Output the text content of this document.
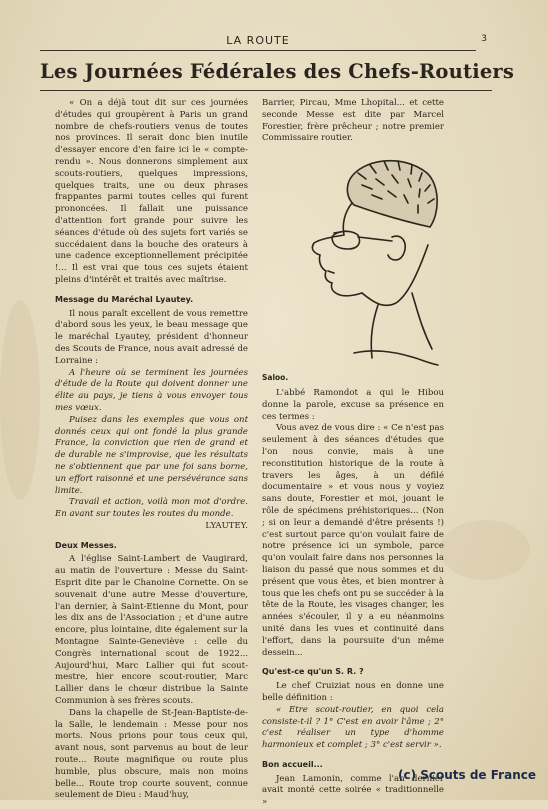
LA ROUTE	3
Les Journées Fédérales des Chefs-Routiers

« On a déjà tout dit sur ces journées d'études qui groupèrent à Paris un grand nombre de chefs-routiers venus de toutes nos provinces. Il serait donc bien inutile d'essayer encore d'en faire ici le « compte-rendu ». Nous donnerons simplement aux scouts-routiers, quelques impressions, quelques traits, une ou deux phrases frappantes parmi toutes celles qui furent prononcées. Il fallait une puissance d'attention fort grande pour suivre les séances d'étude où des sujets fort variés se succédaient dans la bouche des orateurs à une cadence exceptionnellement précipitée !... Il est vrai que tous ces sujets étaient pleins d'intérêt et traités avec maîtrise.

Message du Maréchal Lyautey.

Il nous paraît excellent de vous remettre d'abord sous les yeux, le beau message que le maréchal Lyautey, président d'honneur des Scouts de France, nous avait adressé de Lorraine :

A l'heure où se terminent les journées d'étude de la Route qui doivent donner une élite au pays, je tiens à vous envoyer tous mes vœux.

Puisez dans les exemples que vous ont donnés ceux qui ont fondé la plus grande France, la conviction que rien de grand et de durable ne s'improvise, que les résultats ne s'obtiennent que par une foi sans borne, un effort raisonné et une persévérance sans limite.

Travail et action, voilà mon mot d'ordre. En avant sur toutes les routes du monde.

LYAUTEY.
Deux Messes.

A l'église Saint-Lambert de Vaugirard, au matin de l'ouverture : Messe du Saint-Esprit dite par le Chanoine Cornette. On se souvenait d'une autre Messe d'ouverture, l'an dernier, à Saint-Etienne du Mont, pour les dix ans de l'Association ; et d'une autre encore, plus lointaine, dite également sur la Montagne Sainte-Geneviève : celle du Congrès international scout de 1922... Aujourd'hui, Marc Lallier qui fut scout-mestre, hier encore scout-routier, Marc Lallier dans le chœur distribue la Sainte Communion à ses frères scouts.

Dans la chapelle de St-Jean-Baptiste-de-la Salle, le lendemain : Messe pour nos morts. Nous prions pour tous ceux qui, avant nous, sont parvenus au bout de leur route... Route magnifique ou route plus humble, plus obscure, mais non moins belle... Route trop courte souvent, connue seulement de Dieu : Maud'huy,

Barrier, Pircau, Mme Lhopital... et cette seconde Messe est dite par Marcel Forestier, frère prêcheur ; notre premier Commissaire routier.

Saloo.

L'abbé Ramondot a qui le Hibou donne la parole, excuse sa présence en ces termes :

Vous avez de vous dire : « Ce n'est pas seulement à des séances d'études que l'on nous convie, mais à une reconstitution historique de la route à travers les âges, à un défilé documentaire » et vous nous y voyiez sans doute, Forestier et moi, jouant le rôle de spécimens préhistoriques... (Non ; si on leur a demandé d'être présents !) c'est surtout parce qu'on voulait faire de notre présence ici un symbole, parce qu'on voulait faire dans nos personnes la liaison du passé que nous sommes et du présent que vous êtes, et bien montrer à tous que les chefs ont pu se succéder à la tête de la Route, les visages changer, les années s'écouler, il y a eu néanmoins unité dans les vues et continuité dans l'effort, dans la poursuite d'un même dessein...

Qu'est-ce qu'un S. R. ?

Le chef Cruiziat nous en donne une belle définition :

« Etre scout-routier, en quoi cela consiste-t-il ? 1° C'est en avoir l'âme ; 2° c'est réaliser un type d'homme harmonieux et complet ; 3° c'est servir ».

Bon accueil...

Jean Lamonin, comme l'an dernier avait monté cette soirée « traditionnelle »

(c) Scouts de France
